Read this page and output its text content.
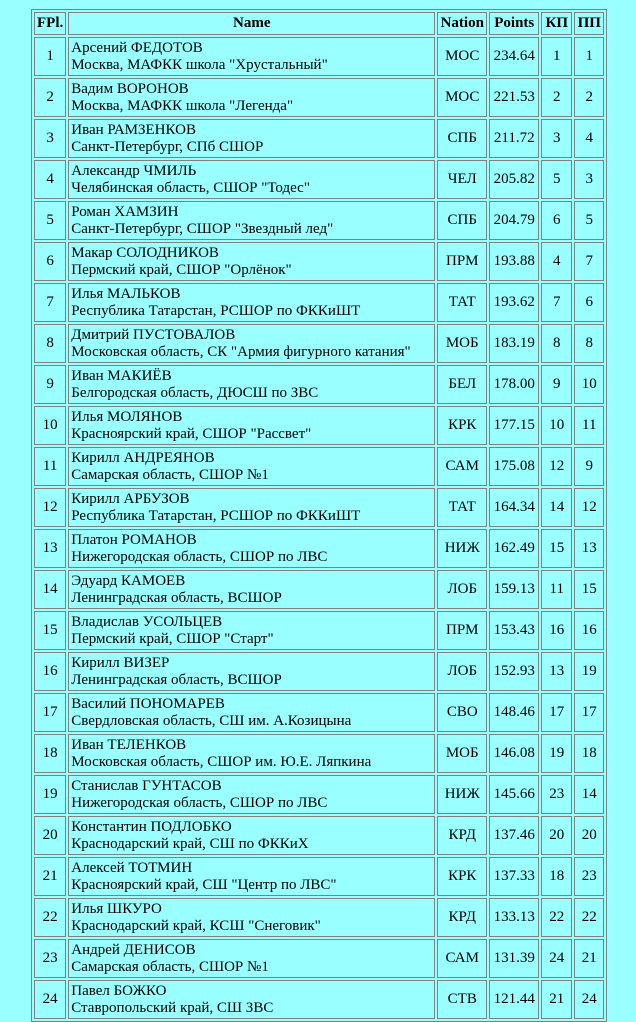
FPl.	Name	Nation	Points	КП	ПП
1	Арсений ФЕДОТОВ
Москва, МАФКК школа "Хрустальный"	МОС	234.64	1	1
2	Вадим ВОРОНОВ
Москва, МАФКК школа "Легенда"	МОС	221.53	2	2
3	Иван РАМЗЕНКОВ
Санкт-Петербург, СПб СШОР	СПБ	211.72	3	4
4	Александр ЧМИЛЬ
Челябинская область, СШОР "Тодес"	ЧЕЛ	205.82	5	3
5	Роман ХАМЗИН
Санкт-Петербург, СШОР "Звездный лед"	СПБ	204.79	6	5
6	Макар СОЛОДНИКОВ
Пермский край, СШОР "Орлёнок"	ПРМ	193.88	4	7
7	Илья МАЛЬКОВ
Республика Татарстан, РСШОР по ФККиШТ	ТАТ	193.62	7	6
8	Дмитрий ПУСТОВАЛОВ
Московская область, СК "Армия фигурного катания"	МОБ	183.19	8	8
9	Иван МАКИЁВ
Белгородская область, ДЮСШ по ЗВС	БЕЛ	178.00	9	10
10	Илья МОЛЯНОВ
Красноярский край, СШОР "Рассвет"	КРК	177.15	10	11
11	Кирилл АНДРЕЯНОВ
Самарская область, СШОР №1	САМ	175.08	12	9
12	Кирилл АРБУЗОВ
Республика Татарстан, РСШОР по ФККиШТ	ТАТ	164.34	14	12
13	Платон РОМАНОВ
Нижегородская область, СШОР по ЛВС	НИЖ	162.49	15	13
14	Эдуард КАМОЕВ
Ленинградская область, ВСШОР	ЛОБ	159.13	11	15
15	Владислав УСОЛЬЦЕВ
Пермский край, СШОР "Старт"	ПРМ	153.43	16	16
16	Кирилл ВИЗЕР
Ленинградская область, ВСШОР	ЛОБ	152.93	13	19
17	Василий ПОНОМАРЕВ
Свердловская область, СШ им. А.Козицына	СВО	148.46	17	17
18	Иван ТЕЛЕНКОВ
Московская область, СШОР им. Ю.Е. Ляпкина	МОБ	146.08	19	18
19	Станислав ГУНТАСОВ
Нижегородская область, СШОР по ЛВС	НИЖ	145.66	23	14
20	Константин ПОДЛОБКО
Краснодарский край, СШ по ФККиХ	КРД	137.46	20	20
21	Алексей ТОТМИН
Красноярский край, СШ "Центр по ЛВС"	КРК	137.33	18	23
22	Илья ШКУРО
Краснодарский край, КСШ "Снеговик"	КРД	133.13	22	22
23	Андрей ДЕНИСОВ
Самарская область, СШОР №1	САМ	131.39	24	21
24	Павел БОЖКО
Ставропольский край, СШ ЗВС	СТВ	121.44	21	24
